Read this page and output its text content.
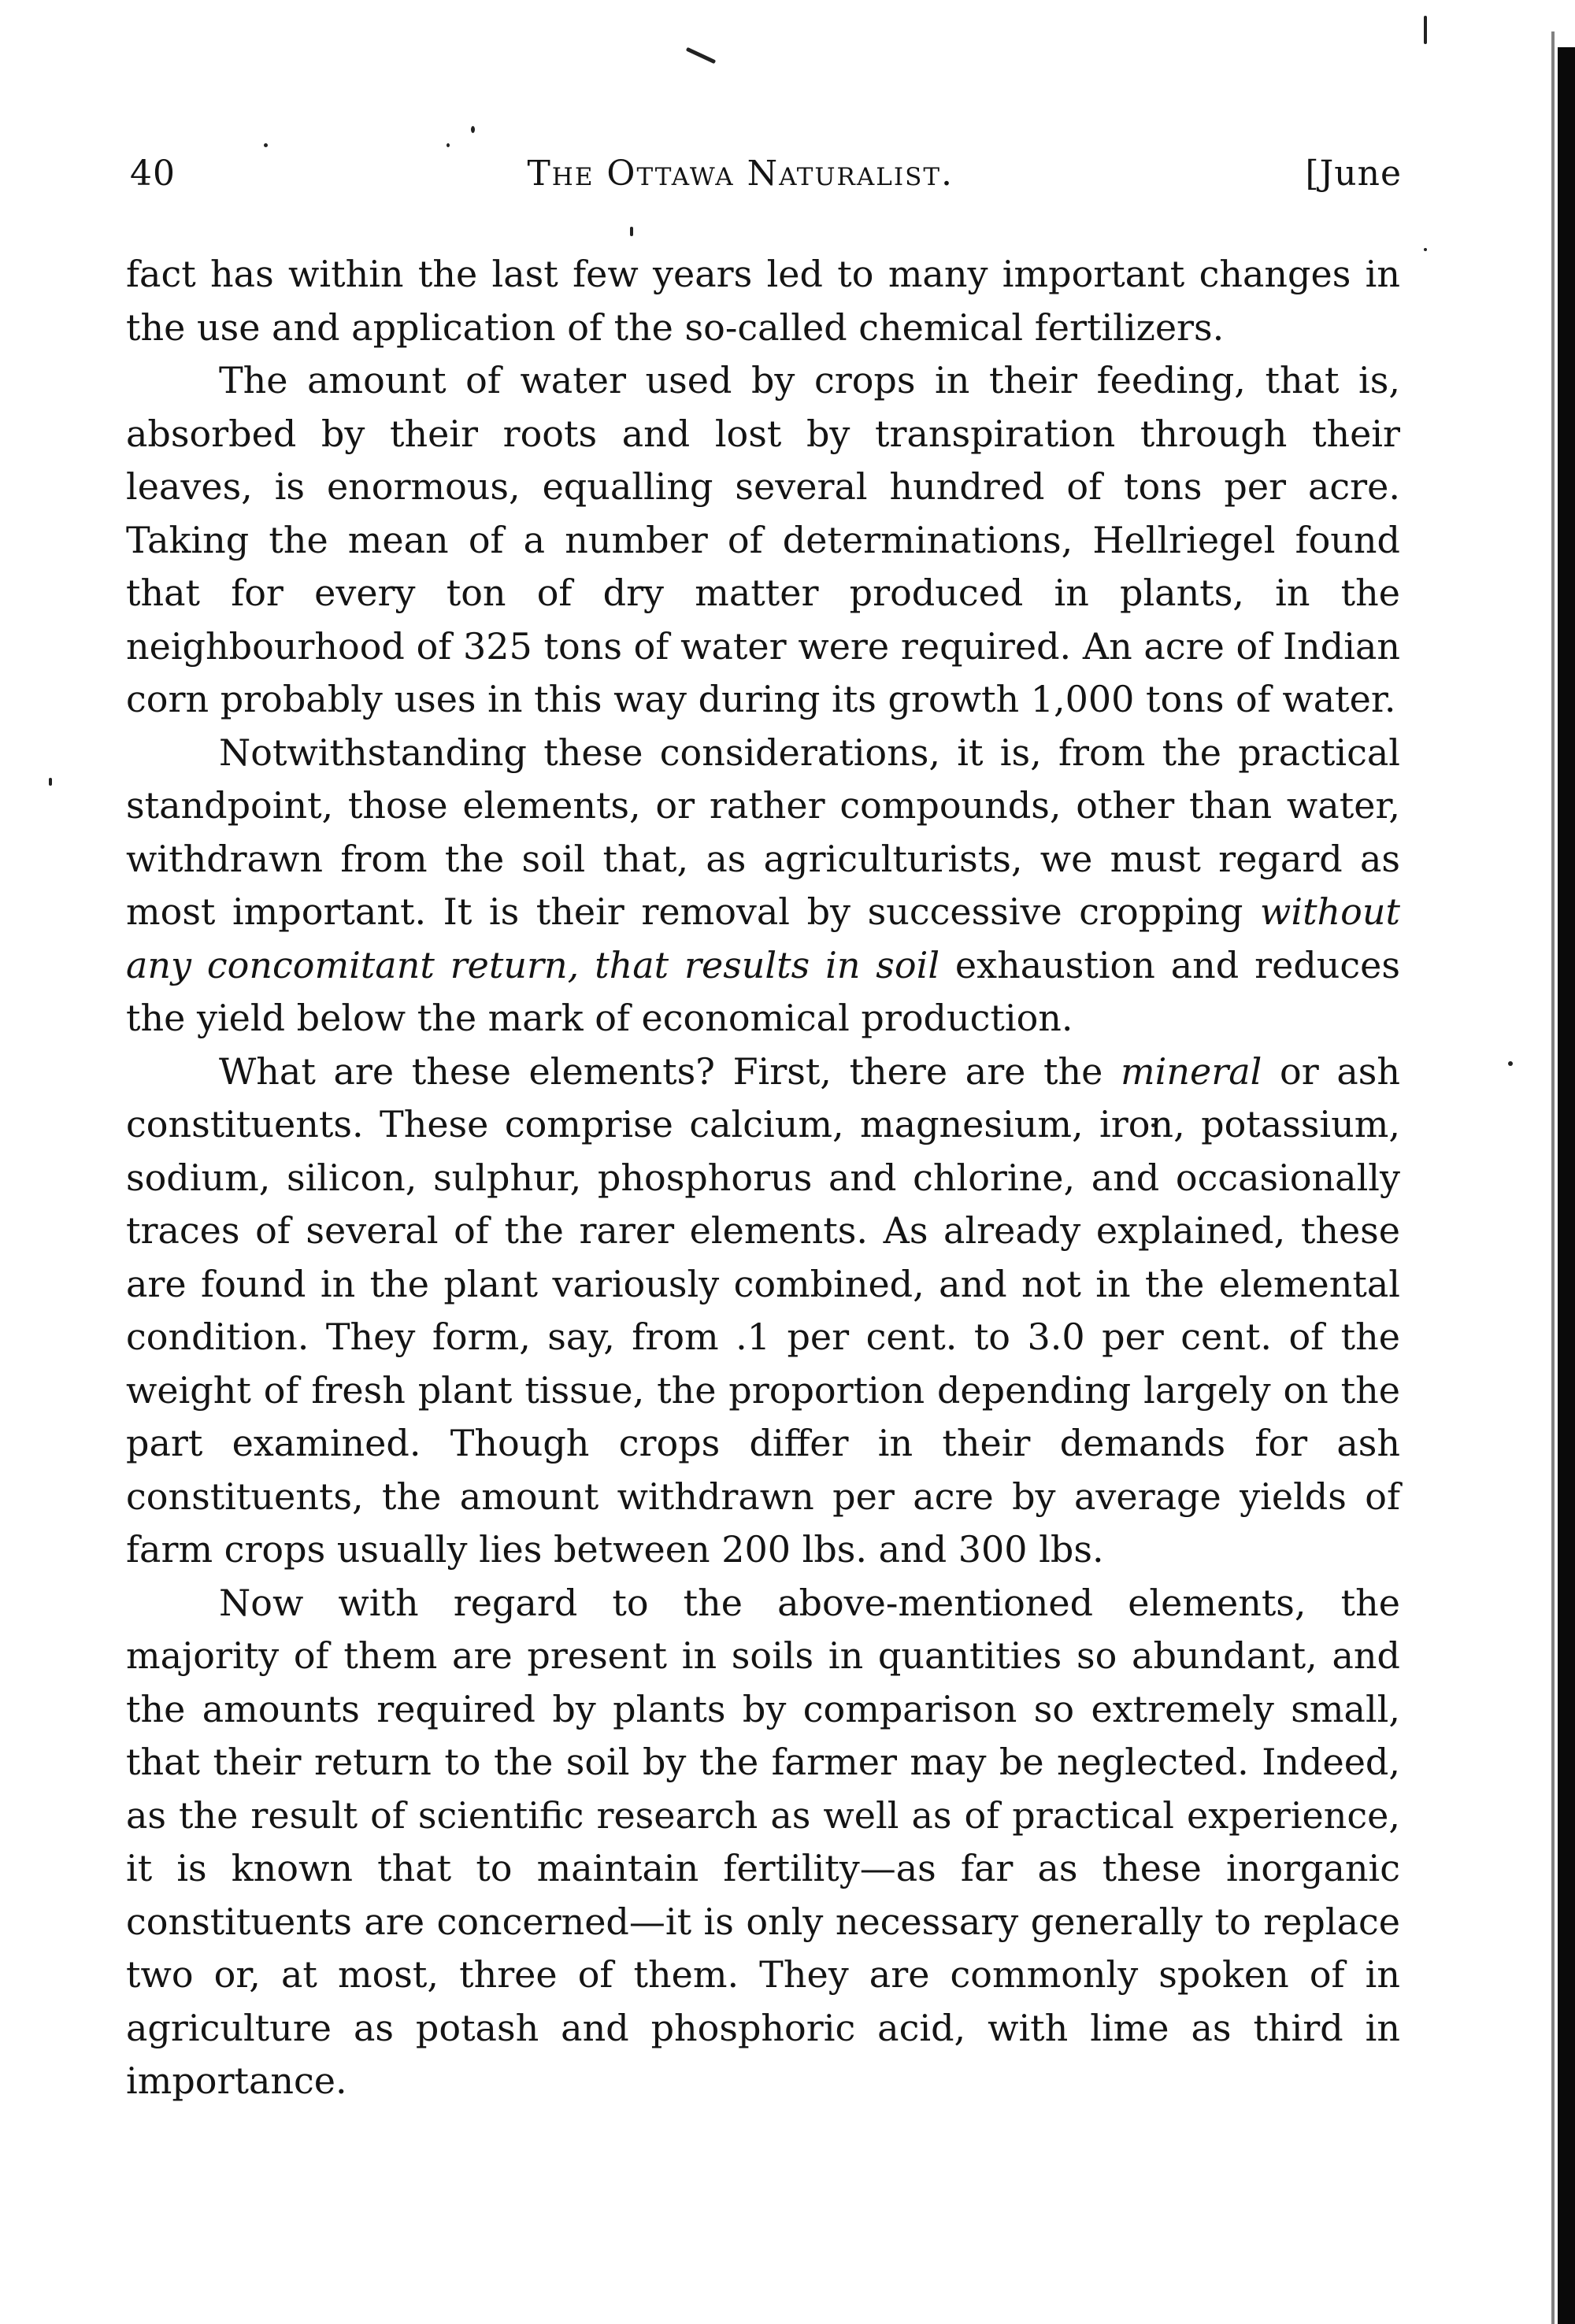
40	The Ottawa Naturalist.	[June

fact has within the last few years led to many important changes in the use and application of the so-called chemical fertilizers.

The amount of water used by crops in their feeding, that is, absorbed by their roots and lost by transpiration through their leaves, is enormous, equalling several hundred of tons per acre. Taking the mean of a number of determinations, Hellriegel found that for every ton of dry matter produced in plants, in the neighbourhood of 325 tons of water were required. An acre of Indian corn probably uses in this way during its growth 1,000 tons of water.

Notwithstanding these considerations, it is, from the practical standpoint, those elements, or rather compounds, other than water, withdrawn from the soil that, as agriculturists, we must regard as most important. It is their removal by successive cropping without any concomitant return, that results in soil exhaustion and reduces the yield below the mark of economical production.

What are these elements? First, there are the mineral or ash constituents. These comprise calcium, magnesium, iron, potassium, sodium, silicon, sulphur, phosphorus and chlorine, and occasionally traces of several of the rarer elements. As already explained, these are found in the plant variously combined, and not in the elemental condition. They form, say, from .1 per cent. to 3.0 per cent. of the weight of fresh plant tissue, the proportion depending largely on the part examined. Though crops differ in their demands for ash constituents, the amount withdrawn per acre by average yields of farm crops usually lies between 200 lbs. and 300 lbs.

Now with regard to the above-mentioned elements, the majority of them are present in soils in quantities so abundant, and the amounts required by plants by comparison so extremely small, that their return to the soil by the farmer may be neglected. Indeed, as the result of scientific research as well as of practical experience, it is known that to maintain fertility—as far as these inorganic constituents are concerned—it is only necessary generally to replace two or, at most, three of them. They are commonly spoken of in agriculture as potash and phosphoric acid, with lime as third in importance.
